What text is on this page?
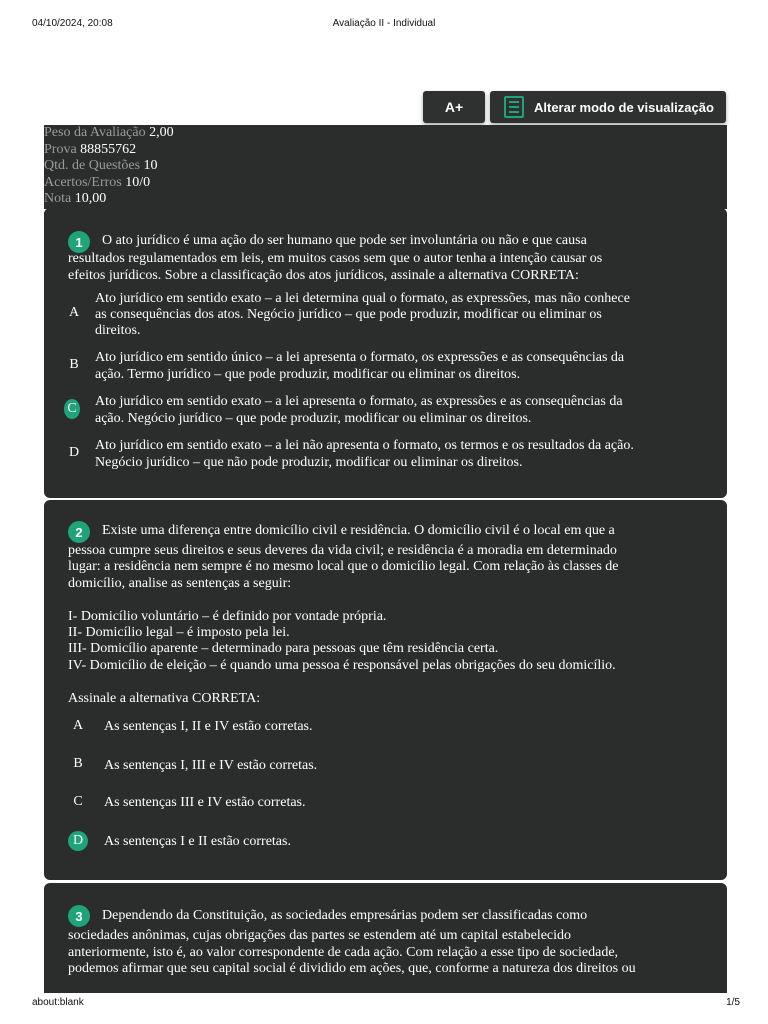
04/10/2024, 20:08	Avaliação II - Individual
A+	Alterar modo de visualização
Peso da Avaliação 2,00
Prova 88855762
Qtd. de Questões 10
Acertos/Erros 10/0
Nota 10,00
1	O ato jurídico é uma ação do ser humano que pode ser involuntária ou não e que causa
resultados regulamentados em leis, em muitos casos sem que o autor tenha a intenção causar os
efeitos jurídicos. Sobre a classificação dos atos jurídicos, assinale a alternativa CORRETA:
A
Ato jurídico em sentido exato – a lei determina qual o formato, as expressões, mas não conhece
as consequências dos atos. Negócio jurídico – que pode produzir, modificar ou eliminar os
direitos.
B	Ato jurídico em sentido único – a lei apresenta o formato, os expressões e as consequências da
ação. Termo jurídico – que pode produzir, modificar ou eliminar os direitos.
C Ato jurídico em sentido exato – a lei apresenta o formato, as expressões e as consequências da
ação. Negócio jurídico – que pode produzir, modificar ou eliminar os direitos.
D	Ato jurídico em sentido exato – a lei não apresenta o formato, os termos e os resultados da ação.
Negócio jurídico – que não pode produzir, modificar ou eliminar os direitos.
2	Existe uma diferença entre domicílio civil e residência. O domicílio civil é o local em que a
pessoa cumpre seus direitos e seus deveres da vida civil; e residência é a moradia em determinado
lugar: a residência nem sempre é no mesmo local que o domicílio legal. Com relação às classes de
domicílio, analise as sentenças a seguir:
I- Domicílio voluntário – é definido por vontade própria.
II- Domicílio legal – é imposto pela lei.
III- Domicílio aparente – determinado para pessoas que têm residência certa.
IV- Domicílio de eleição – é quando uma pessoa é responsável pelas obrigações do seu domicílio.
Assinale a alternativa CORRETA:
A	As sentenças I, II e IV estão corretas.
B	As sentenças I, III e IV estão corretas.
C	As sentenças III e IV estão corretas.
D	As sentenças I e II estão corretas.
3	Dependendo da Constituição, as sociedades empresárias podem ser classificadas como
sociedades anônimas, cujas obrigações das partes se estendem até um capital estabelecido
anteriormente, isto é, ao valor correspondente de cada ação. Com relação a esse tipo de sociedade,
podemos afirmar que seu capital social é dividido em ações, que, conforme a natureza dos direitos ou
about:blank	1/5
